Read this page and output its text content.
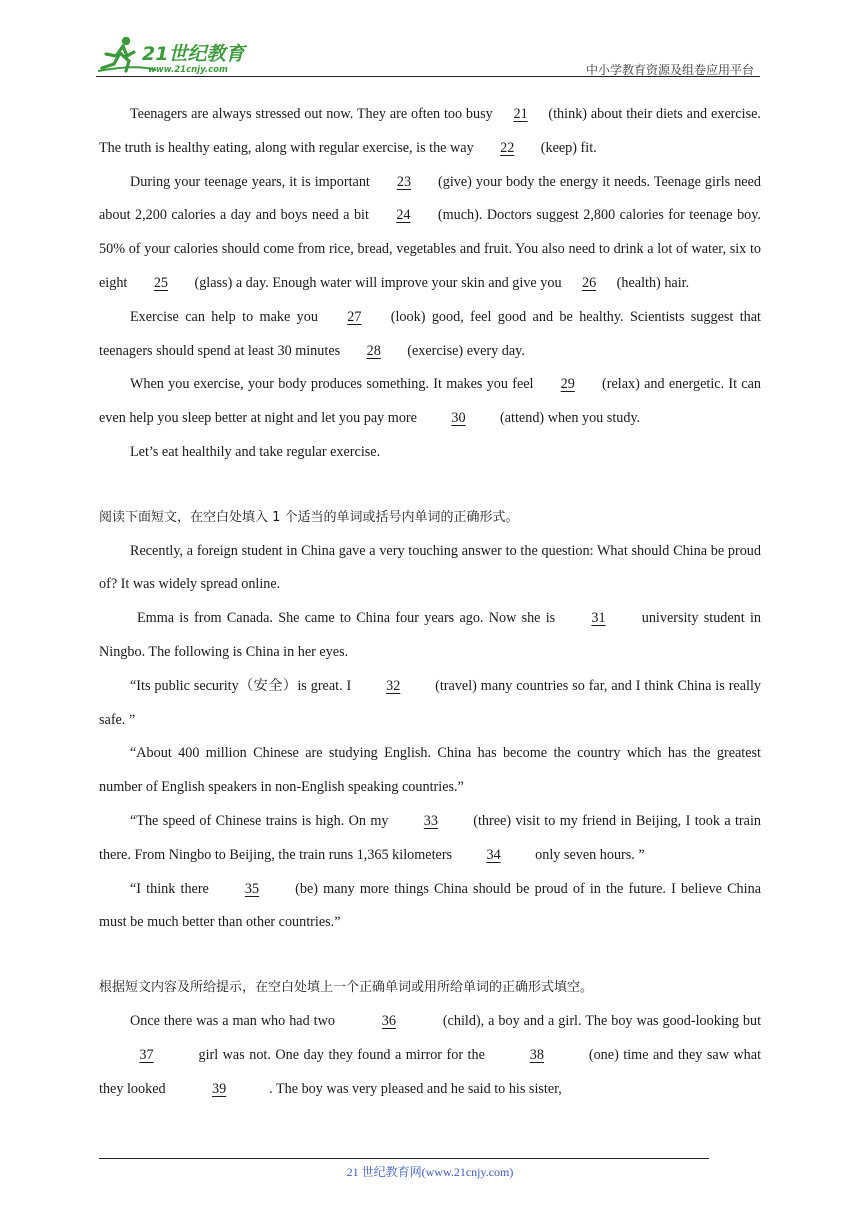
21世纪教育
www.21cnjy.com	中小学教育资源及组卷应用平台

Teenagers are always stressed out now. They are often too busy 21 (think) about their diets and exercise. The truth is healthy eating, along with regular exercise, is the way 22 (keep) fit.

During your teenage years, it is important 23 (give) your body the energy it needs. Teenage girls need about 2,200 calories a day and boys need a bit 24 (much). Doctors suggest 2,800 calories for teenage boy. 50% of your calories should come from rice, bread, vegetables and fruit. You also need to drink a lot of water, six to eight 25 (glass) a day. Enough water will improve your skin and give you 26 (health) hair.

Exercise can help to make you 27 (look) good, feel good and be healthy. Scientists suggest that teenagers should spend at least 30 minutes 28 (exercise) every day.

When you exercise, your body produces something. It makes you feel 29 (relax) and energetic. It can even help you sleep better at night and let you pay more 30 (attend) when you study.

Let’s eat healthily and take regular exercise.

阅读下面短文，在空白处填入 1 个适当的单词或括号内单词的正确形式。

Recently, a foreign student in China gave a very touching answer to the question: What should China be proud of? It was widely spread online.

Emma is from Canada. She came to China four years ago. Now she is 31 university student in Ningbo. The following is China in her eyes.

“Its public security（安全）is great. I 32 (travel) many countries so far, and I think China is really safe. ”

“About 400 million Chinese are studying English. China has become the country which has the greatest number of English speakers in non-English speaking countries.”

“The speed of Chinese trains is high. On my 33 (three) visit to my friend in Beijing, I took a train there. From Ningbo to Beijing, the train runs 1,365 kilometers 34 only seven hours. ”

“I think there 35 (be) many more things China should be proud of in the future. I believe China must be much better than other countries.”

根据短文内容及所给提示，在空白处填上一个正确单词或用所给单词的正确形式填空。

Once there was a man who had two	36	(child), a boy and a girl. The boy was good-looking but 37	girl was not. One day they found a mirror for the	38	(one) time and they saw what they looked	39	. The boy was very pleased and he said to his sister,

21 世纪教育网(www.21cnjy.com)
